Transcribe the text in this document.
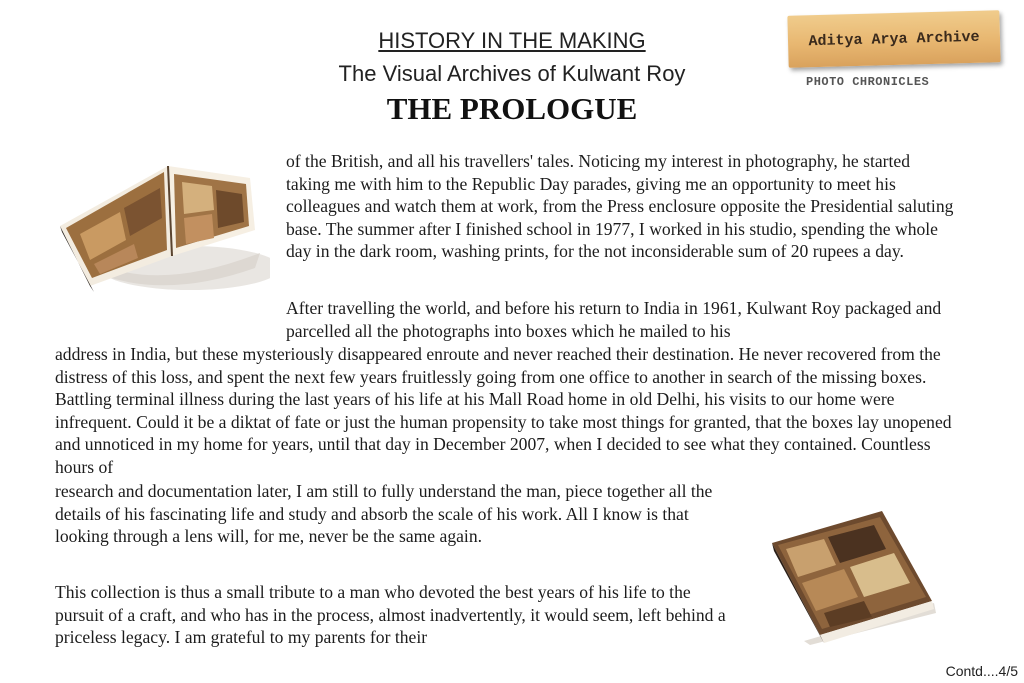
HISTORY IN THE MAKING
The Visual Archives of Kulwant Roy
THE PROLOGUE
Aditya Arya Archive
PHOTO CHRONICLES

of the British, and all his travellers' tales. Noticing my interest in photography, he started taking me with him to the Republic Day parades, giving me an opportunity to meet his colleagues and watch them at work, from the Press enclosure opposite the Presidential saluting base. The summer after I finished school in 1977, I worked in his studio, spending the whole day in the dark room, washing prints, for the not inconsiderable sum of 20 rupees a day.

After travelling the world, and before his return to India in 1961, Kulwant Roy packaged and parcelled all the photographs into boxes which he mailed to his

address in India, but these mysteriously disappeared enroute and never reached their destination. He never recovered from the distress of this loss, and spent the next few years fruitlessly going from one office to another in search of the missing boxes. Battling terminal illness during the last years of his life at his Mall Road home in old Delhi, his visits to our home were infrequent. Could it be a diktat of fate or just the human propensity to take most things for granted, that the boxes lay unopened and unnoticed in my home for years, until that day in December 2007, when I decided to see what they contained. Countless hours of

research and documentation later, I am still to fully understand the man, piece together all the details of his fascinating life and study and absorb the scale of his work. All I know is that looking through a lens will, for me, never be the same again.

This collection is thus a small tribute to a man who devoted the best years of his life to the pursuit of a craft, and who has in the process, almost inadvertently, it would seem, left behind a priceless legacy. I am grateful to my parents for their

Contd....4/5
